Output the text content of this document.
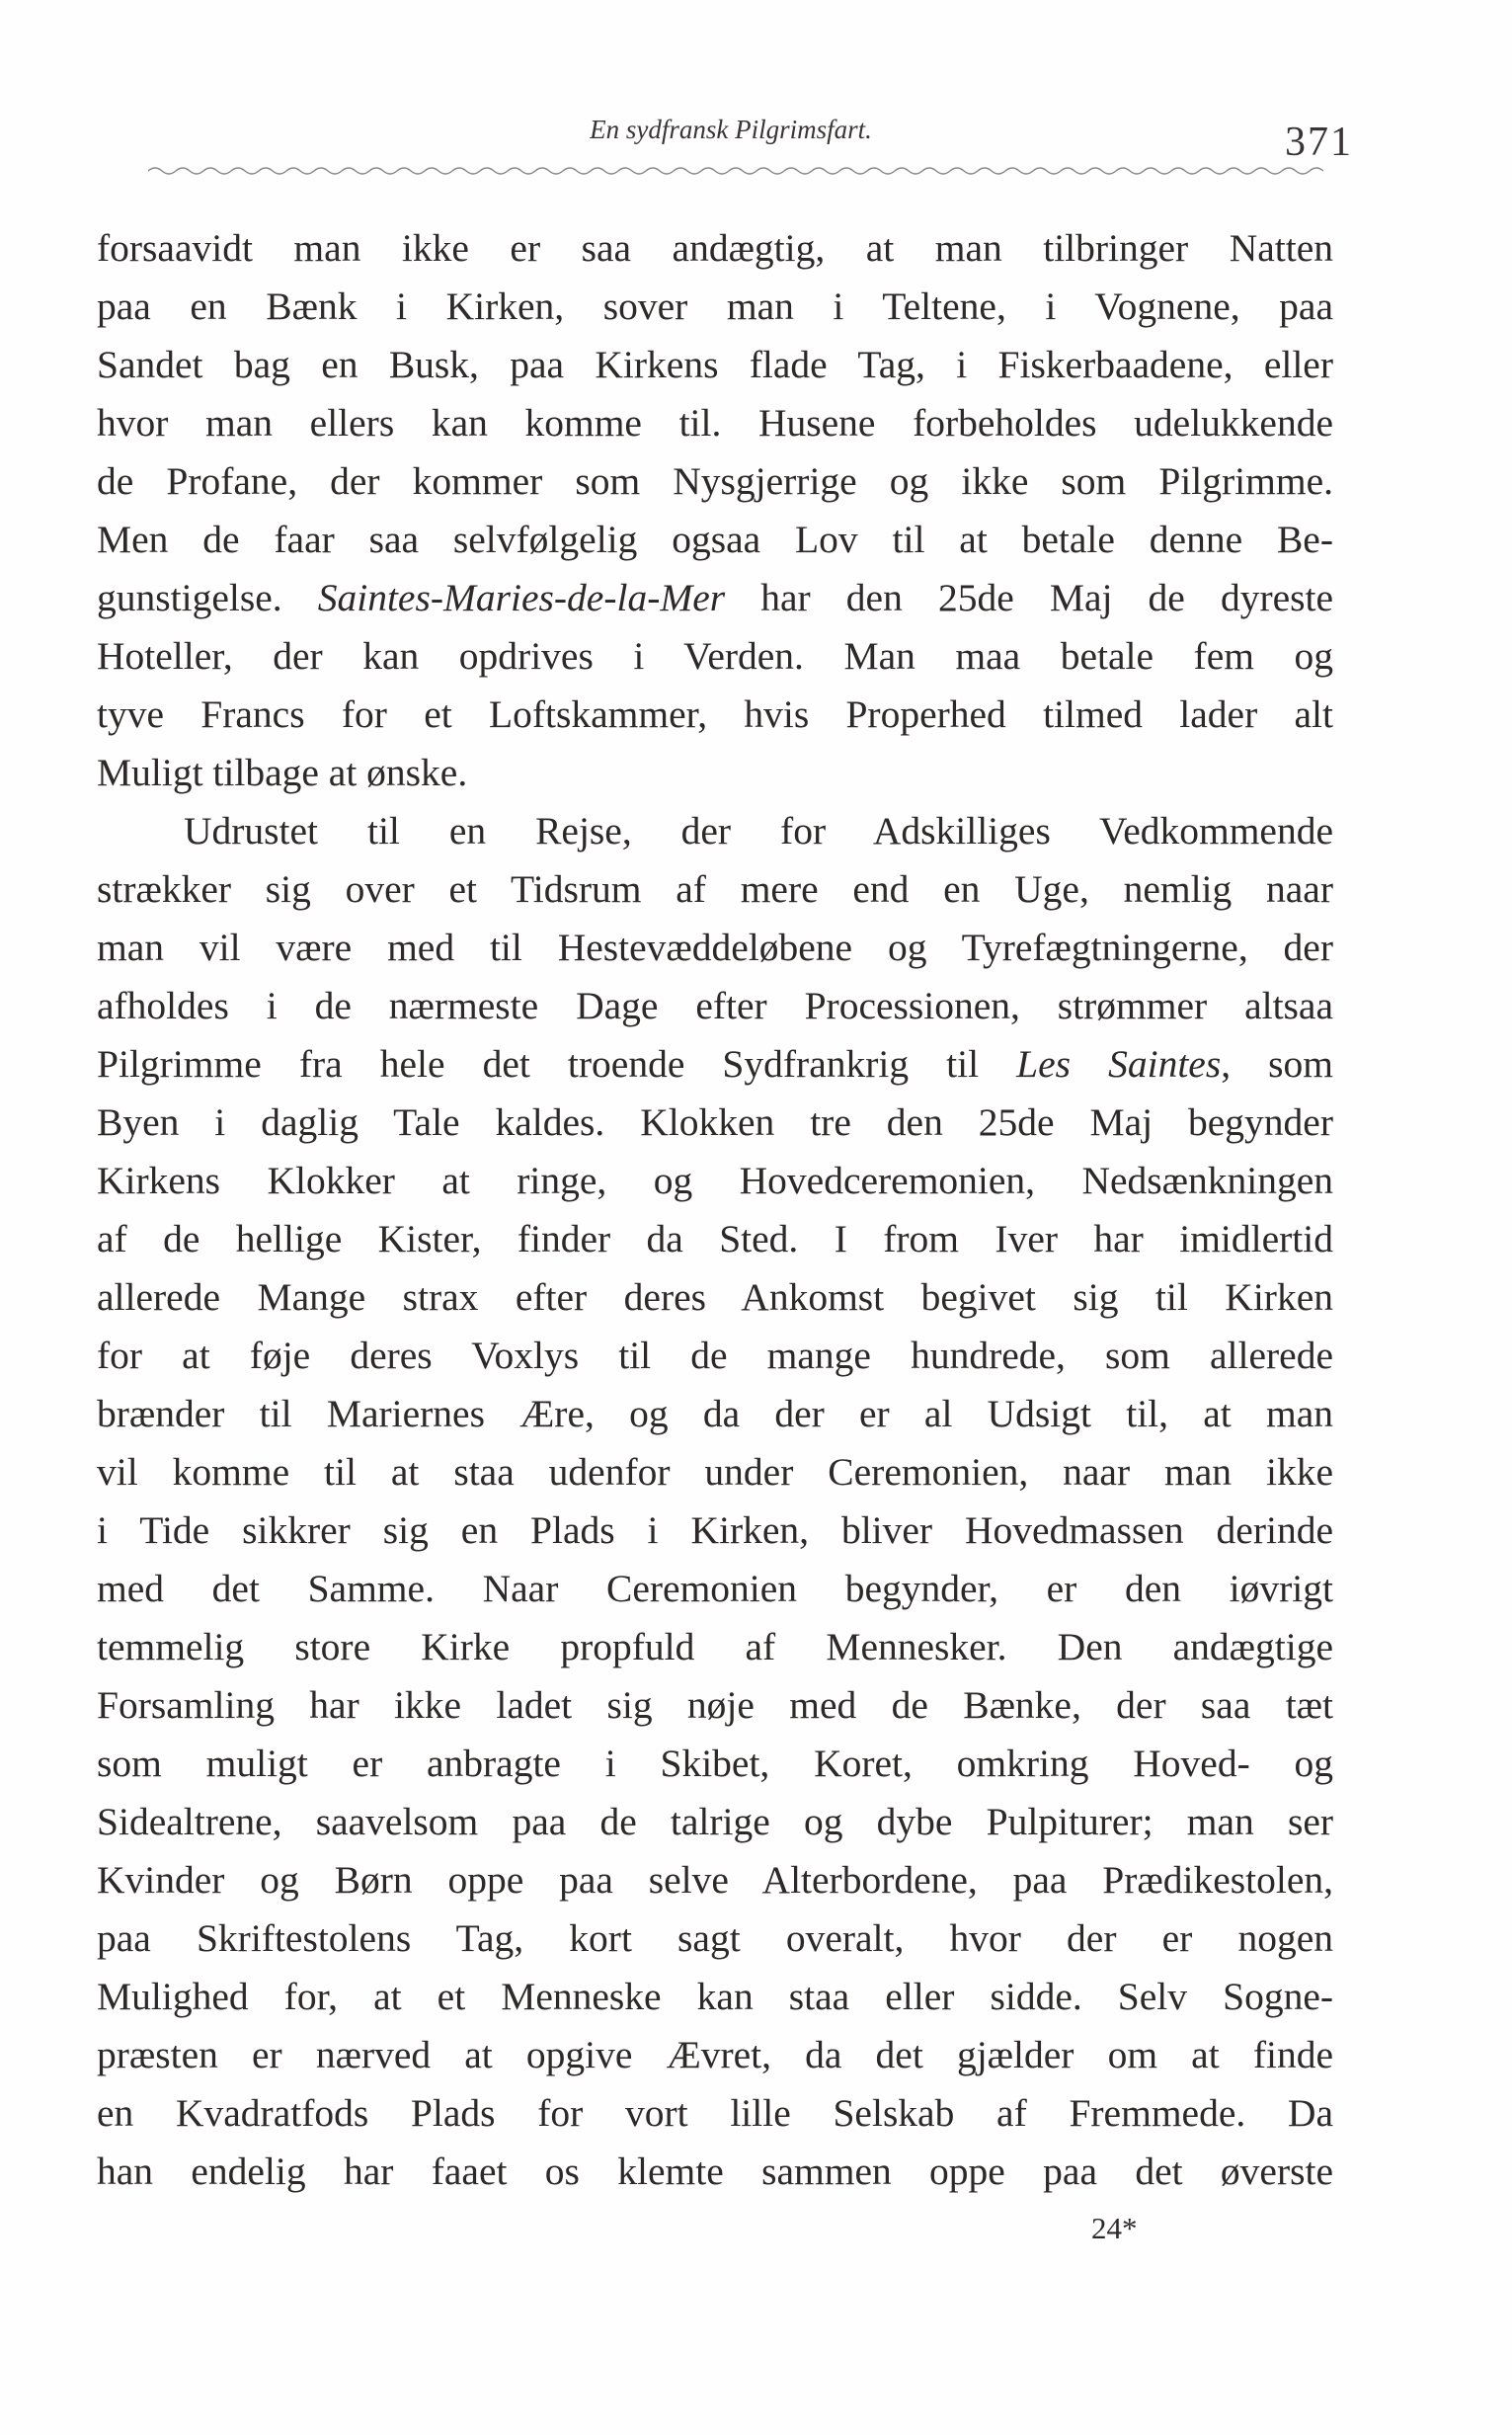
En sydfransk Pilgrimsfart.	371
forsaavidt man ikke er saa andægtig, at man tilbringer Natten
paa en Bænk i Kirken, sover man i Teltene, i Vognene, paa
Sandet bag en Busk, paa Kirkens flade Tag, i Fiskerbaadene, eller
hvor man ellers kan komme til. Husene forbeholdes udelukkende
de Profane, der kommer som Nysgjerrige og ikke som Pilgrimme.
Men de faar saa selvfølgelig ogsaa Lov til at betale denne Be-
gunstigelse. Saintes-Maries-de-la-Mer har den 25de Maj de dyreste
Hoteller, der kan opdrives i Verden. Man maa betale fem og
tyve Francs for et Loftskammer, hvis Properhed tilmed lader alt
Muligt tilbage at ønske.
Udrustet til en Rejse, der for Adskilliges Vedkommende
strækker sig over et Tidsrum af mere end en Uge, nemlig naar
man vil være med til Hestevæddeløbene og Tyrefægtningerne, der
afholdes i de nærmeste Dage efter Processionen, strømmer altsaa
Pilgrimme fra hele det troende Sydfrankrig til Les Saintes, som
Byen i daglig Tale kaldes. Klokken tre den 25de Maj begynder
Kirkens Klokker at ringe, og Hovedceremonien, Nedsænkningen
af de hellige Kister, finder da Sted. I from Iver har imidlertid
allerede Mange strax efter deres Ankomst begivet sig til Kirken
for at føje deres Voxlys til de mange hundrede, som allerede
brænder til Mariernes Ære, og da der er al Udsigt til, at man
vil komme til at staa udenfor under Ceremonien, naar man ikke
i Tide sikkrer sig en Plads i Kirken, bliver Hovedmassen derinde
med det Samme. Naar Ceremonien begynder, er den iøvrigt
temmelig store Kirke propfuld af Mennesker. Den andægtige
Forsamling har ikke ladet sig nøje med de Bænke, der saa tæt
som muligt er anbragte i Skibet, Koret, omkring Hoved- og
Sidealtrene, saavelsom paa de talrige og dybe Pulpiturer; man ser
Kvinder og Børn oppe paa selve Alterbordene, paa Prædikestolen,
paa Skriftestolens Tag, kort sagt overalt, hvor der er nogen
Mulighed for, at et Menneske kan staa eller sidde. Selv Sogne-
præsten er nærved at opgive Ævret, da det gjælder om at finde
en Kvadratfods Plads for vort lille Selskab af Fremmede. Da
han endelig har faaet os klemte sammen oppe paa det øverste
24*
